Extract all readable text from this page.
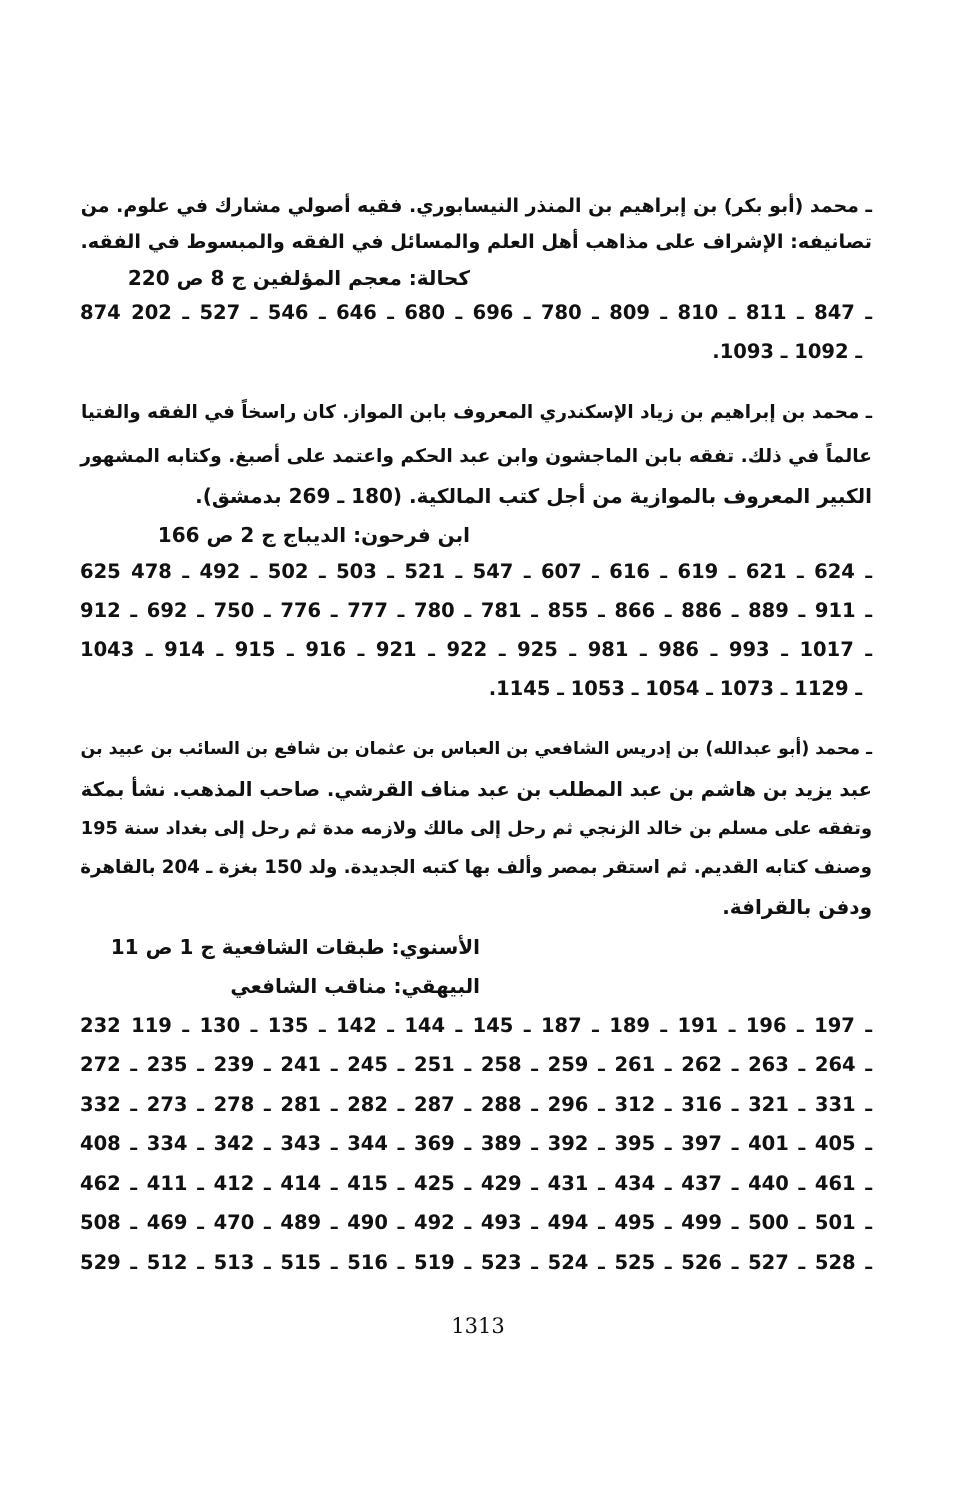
ـ محمد (أبو بكر) بن إبراهيم بن المنذر النيسابوري. فقيه أصولي مشارك في علوم. من
تصانيفه: الإشراف على مذاهب أهل العلم والمسائل في الفقه والمبسوط في الفقه.
كحالة: معجم المؤلفين ج 8 ص 220
874 ـ 847 ـ 811 ـ 810 ـ 809 ـ 780 ـ 696 ـ 680 ـ 646 ـ 546 ـ 527 ـ 202
.1093 ـ 1092 ـ
ـ محمد بن إبراهيم بن زياد الإسكندري المعروف بابن المواز. كان راسخاً في الفقه والفتيا
عالماً في ذلك. تفقه بابن الماجشون وابن عبد الحكم واعتمد على أصبغ. وكتابه المشهور
الكبير المعروف بالموازية من أجل كتب المالكية. (180 ـ 269 بدمشق).
ابن فرحون: الديباج ج 2 ص 166
625 ـ 624 ـ 621 ـ 619 ـ 616 ـ 607 ـ 547 ـ 521 ـ 503 ـ 502 ـ 492 ـ 478
912 ـ 911 ـ 889 ـ 886 ـ 866 ـ 855 ـ 781 ـ 780 ـ 777 ـ 776 ـ 750 ـ 692 ـ
1043 ـ 1017 ـ 993 ـ 986 ـ 981 ـ 925 ـ 922 ـ 921 ـ 916 ـ 915 ـ 914 ـ
.1145 ـ 1129 ـ 1073 ـ 1054 ـ 1053 ـ
ـ محمد (أبو عبدالله) بن إدريس الشافعي بن العباس بن عثمان بن شافع بن السائب بن عبيد بن
عبد يزيد بن هاشم بن عبد المطلب بن عبد مناف القرشي. صاحب المذهب. نشأ بمكة
وتفقه على مسلم بن خالد الزنجي ثم رحل إلى مالك ولازمه مدة ثم رحل إلى بغداد سنة 195
وصنف كتابه القديم. ثم استقر بمصر وألف بها كتبه الجديدة. ولد 150 بغزة ـ 204 بالقاهرة
ودفن بالقرافة.
الأسنوي: طبقات الشافعية ج 1 ص 11
البيهقي: مناقب الشافعي
232 ـ 197 ـ 196 ـ 191 ـ 189 ـ 187 ـ 145 ـ 144 ـ 142 ـ 135 ـ 130 ـ 119
272 ـ 264 ـ 263 ـ 262 ـ 261 ـ 259 ـ 258 ـ 251 ـ 245 ـ 241 ـ 239 ـ 235 ـ
332 ـ 331 ـ 321 ـ 316 ـ 312 ـ 296 ـ 288 ـ 287 ـ 282 ـ 281 ـ 278 ـ 273 ـ
408 ـ 405 ـ 401 ـ 397 ـ 395 ـ 392 ـ 389 ـ 369 ـ 344 ـ 343 ـ 342 ـ 334 ـ
462 ـ 461 ـ 440 ـ 437 ـ 434 ـ 431 ـ 429 ـ 425 ـ 415 ـ 414 ـ 412 ـ 411 ـ
508 ـ 501 ـ 500 ـ 499 ـ 495 ـ 494 ـ 493 ـ 492 ـ 490 ـ 489 ـ 470 ـ 469 ـ
529 ـ 528 ـ 527 ـ 526 ـ 525 ـ 524 ـ 523 ـ 519 ـ 516 ـ 515 ـ 513 ـ 512 ـ
1313
